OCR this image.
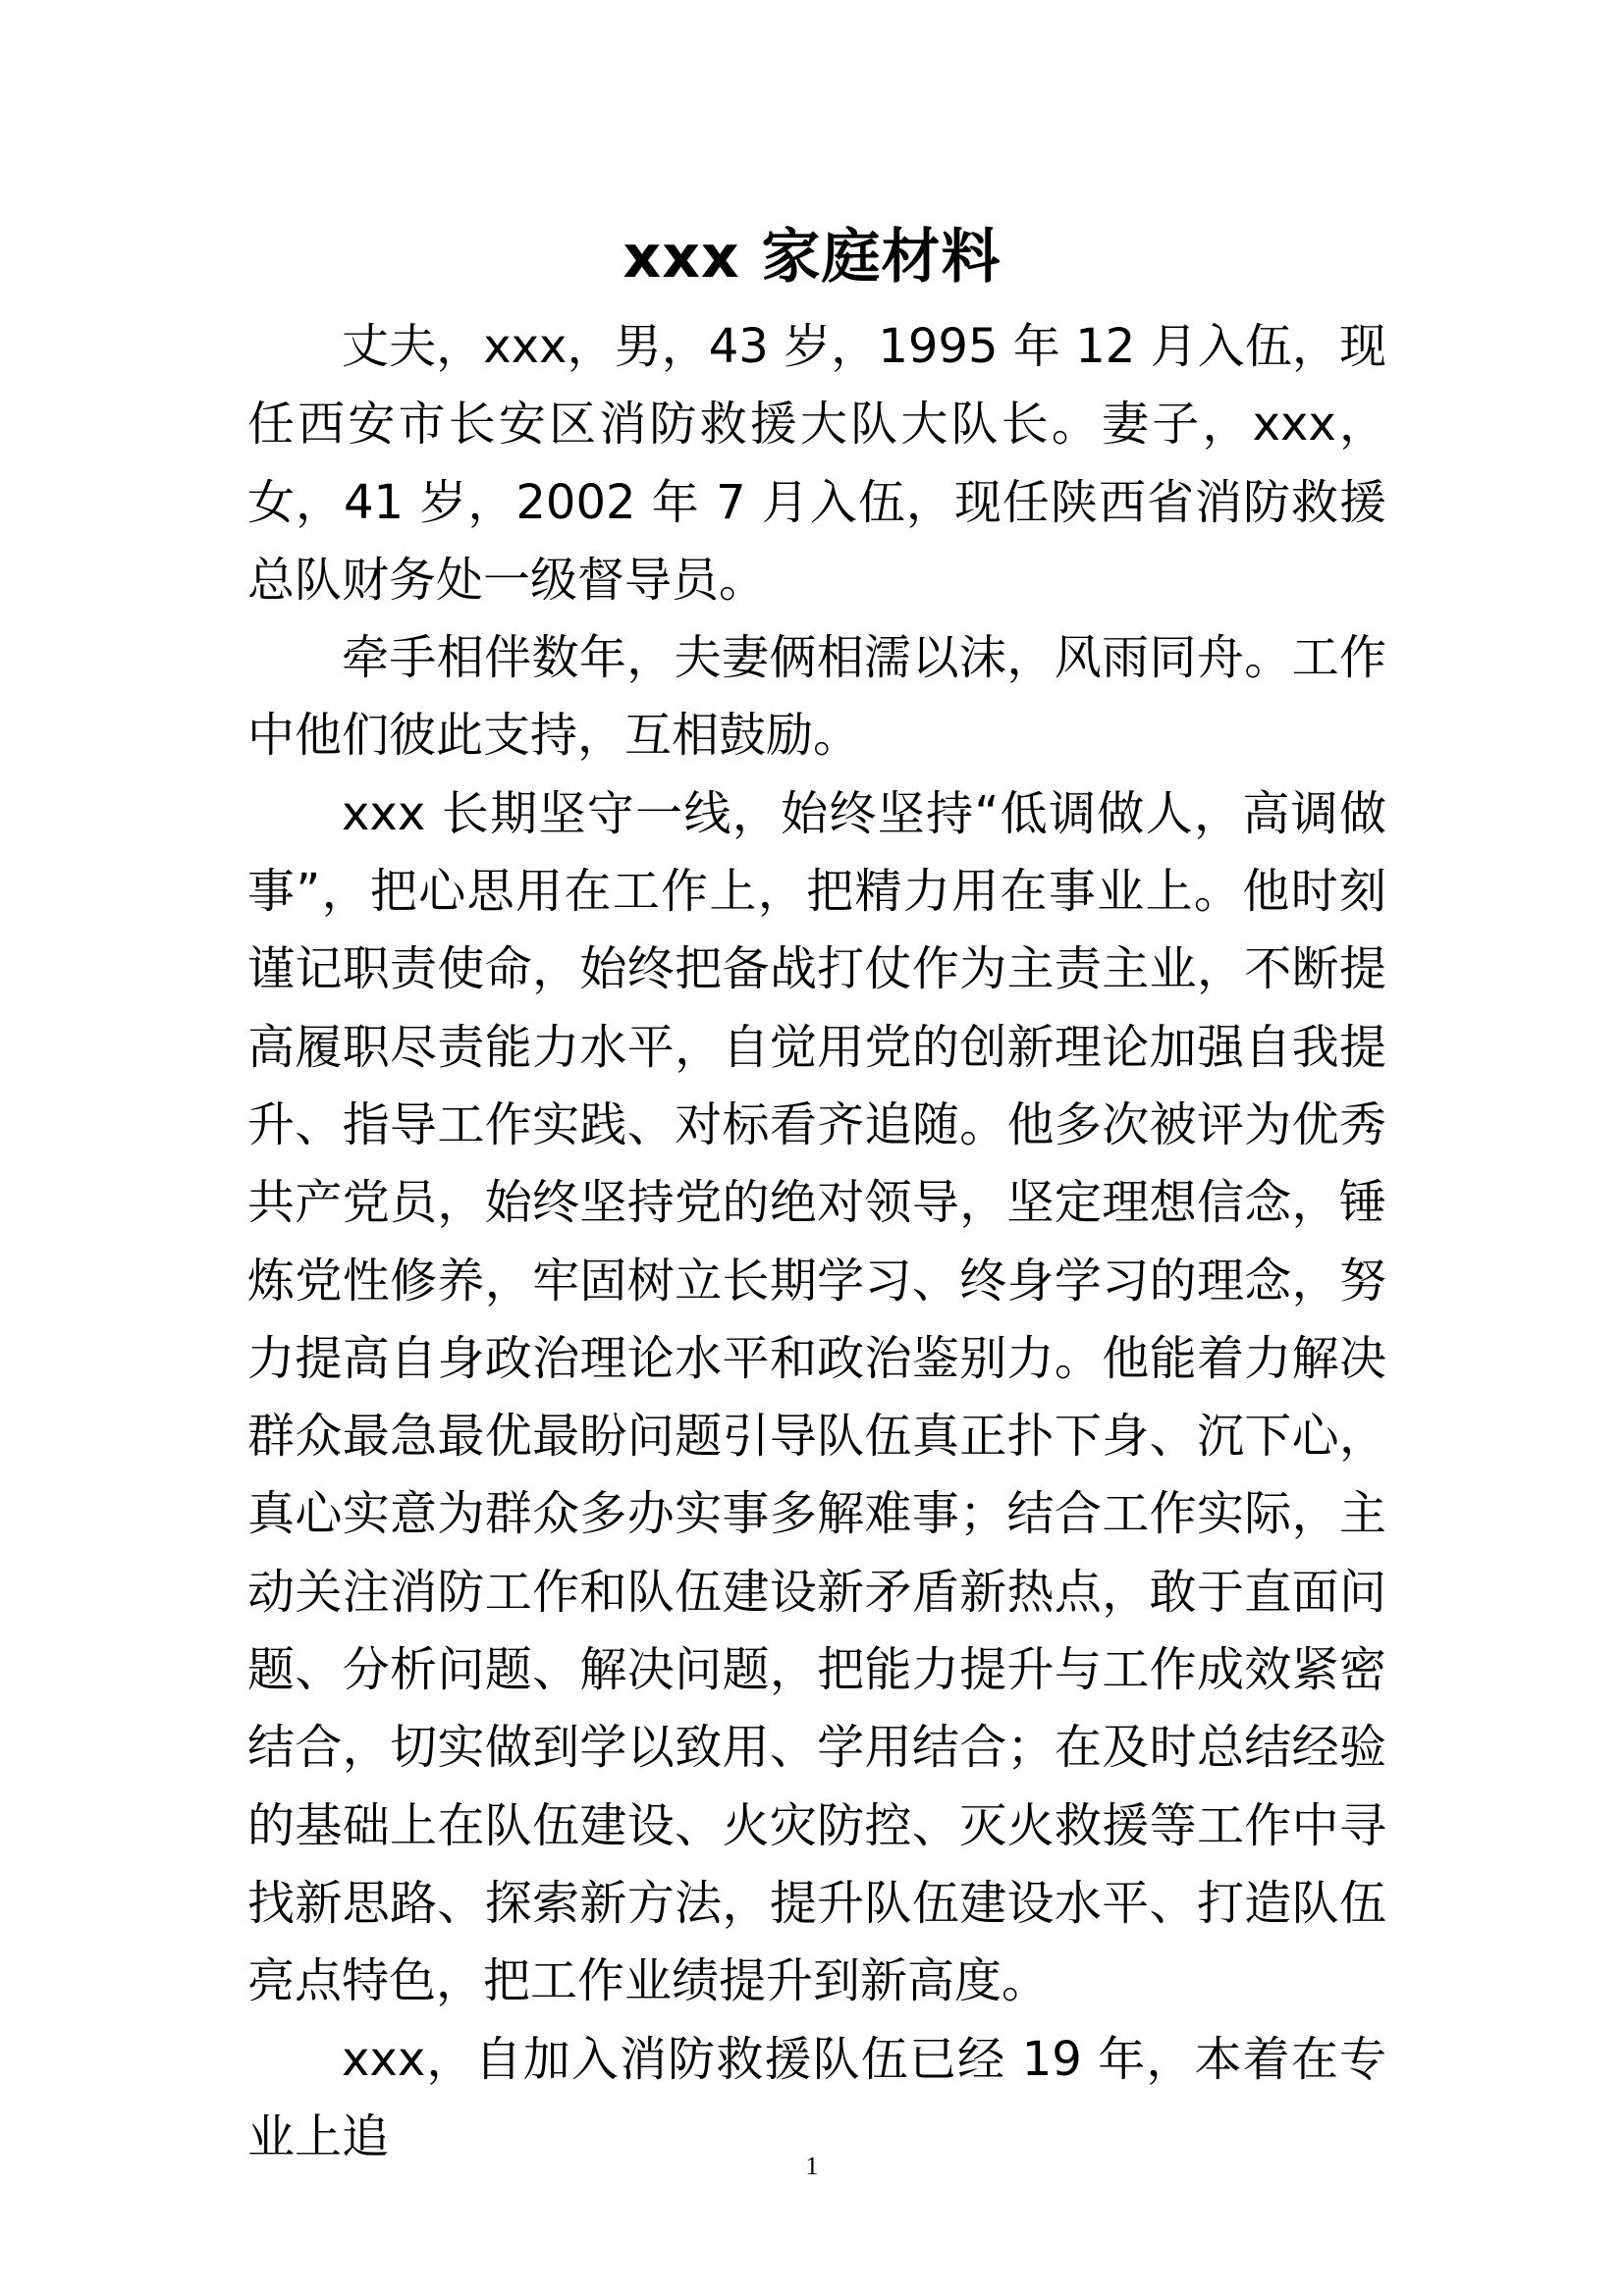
xxx 家庭材料

丈夫，xxx，男，43 岁，1995 年 12 月入伍，现任西安市长安区消防救援大队大队长。妻子，xxx，女，41 岁，2002 年 7 月入伍，现任陕西省消防救援总队财务处一级督导员。

牵手相伴数年，夫妻俩相濡以沫，风雨同舟。工作中他们彼此支持，互相鼓励。

xxx 长期坚守一线，始终坚持“低调做人，高调做事”，把心思用在工作上，把精力用在事业上。他时刻谨记职责使命，始终把备战打仗作为主责主业，不断提高履职尽责能力水平，自觉用党的创新理论加强自我提升、指导工作实践、对标看齐追随。他多次被评为优秀共产党员，始终坚持党的绝对领导，坚定理想信念，锤炼党性修养，牢固树立长期学习、终身学习的理念，努力提高自身政治理论水平和政治鉴别力。他能着力解决群众最急最优最盼问题引导队伍真正扑下身、沉下心，真心实意为群众多办实事多解难事；结合工作实际，主动关注消防工作和队伍建设新矛盾新热点，敢于直面问题、分析问题、解决问题，把能力提升与工作成效紧密结合，切实做到学以致用、学用结合；在及时总结经验的基础上在队伍建设、火灾防控、灭火救援等工作中寻找新思路、探索新方法，提升队伍建设水平、打造队伍亮点特色，把工作业绩提升到新高度。

xxx，自加入消防救援队伍已经 19 年，本着在专业上追

1
